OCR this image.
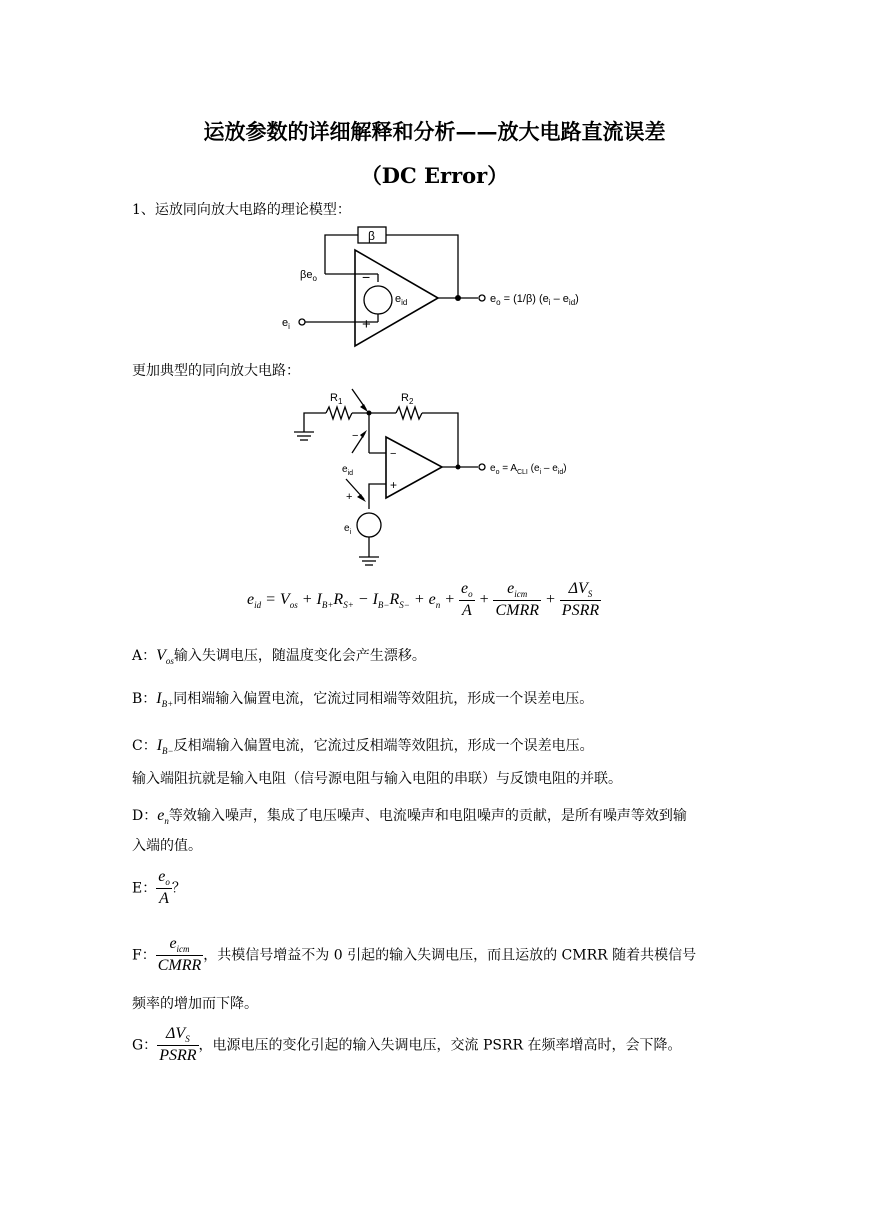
运放参数的详细解释和分析——放大电路直流误差
（DC Error）
1、运放同向放大电路的理论模型：
β
$\beta e_o$	−
+
$e_{id}$
$e_i$
$e_o = (1/\beta)$ $(e_i - e_{id})$
更加典型的同向放大电路：
$R_1$	$R_2$
−
−
+
$e_{id}$
+
$e_i$
$e_o = A_{CLI}$ $(e_i - e_{id})$
$e_{id} = V_{os} + I_{B+}R_{S+} - I_{B-}R_{S-} + e_n + \frac{e_o}{A} + \frac{e_{icm}}{\text{CMRR}} + \frac{\Delta V_S}{\text{PSRR}}$
A：$V_{os}$输入失调电压，随温度变化会产生漂移。
B：$I_{B+}$同相端输入偏置电流，它流过同相端等效阻抗，形成一个误差电压。
C：$I_{B-}$反相端输入偏置电流，它流过反相端等效阻抗，形成一个误差电压。
输入端阻抗就是输入电阻（信号源电阻与输入电阻的串联）与反馈电阻的并联。
D：$e_n$等效输入噪声，集成了电压噪声、电流噪声和电阻噪声的贡献，是所有噪声等效到输
入端的值。
E： $\frac{e_o}{A}$ ？
F： $\frac{e_{icm}}{\text{CMRR}}$ ，共模信号增益不为 0 引起的输入失调电压，而且运放的 CMRR 随着共模信号
频率的增加而下降。
G： $\frac{\Delta V_S}{\text{PSRR}}$ ，电源电压的变化引起的输入失调电压，交流 PSRR 在频率增高时，会下降。
